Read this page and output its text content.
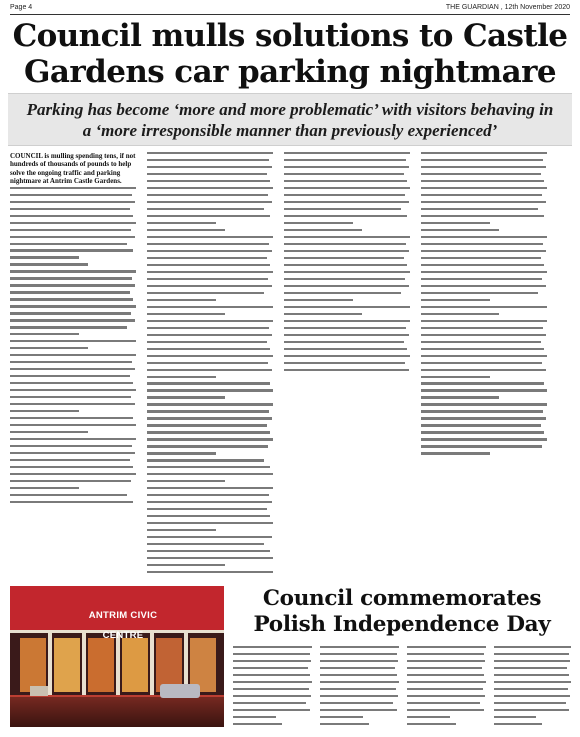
Page 4	THE GUARDIAN , 12th November 2020
Council mulls solutions to Castle Gardens car parking nightmare

Parking has become ‘more and more problematic’ with visitors behaving in a ‘more irresponsible manner than previously experienced’

COUNCIL is mulling spending tens, if not hundreds of thousands of pounds to help solve the ongoing traffic and parking nightmare at Antrim Castle Gardens.

ANTRIM CIVIC CENTRE
Council commemorates Polish Independence Day
